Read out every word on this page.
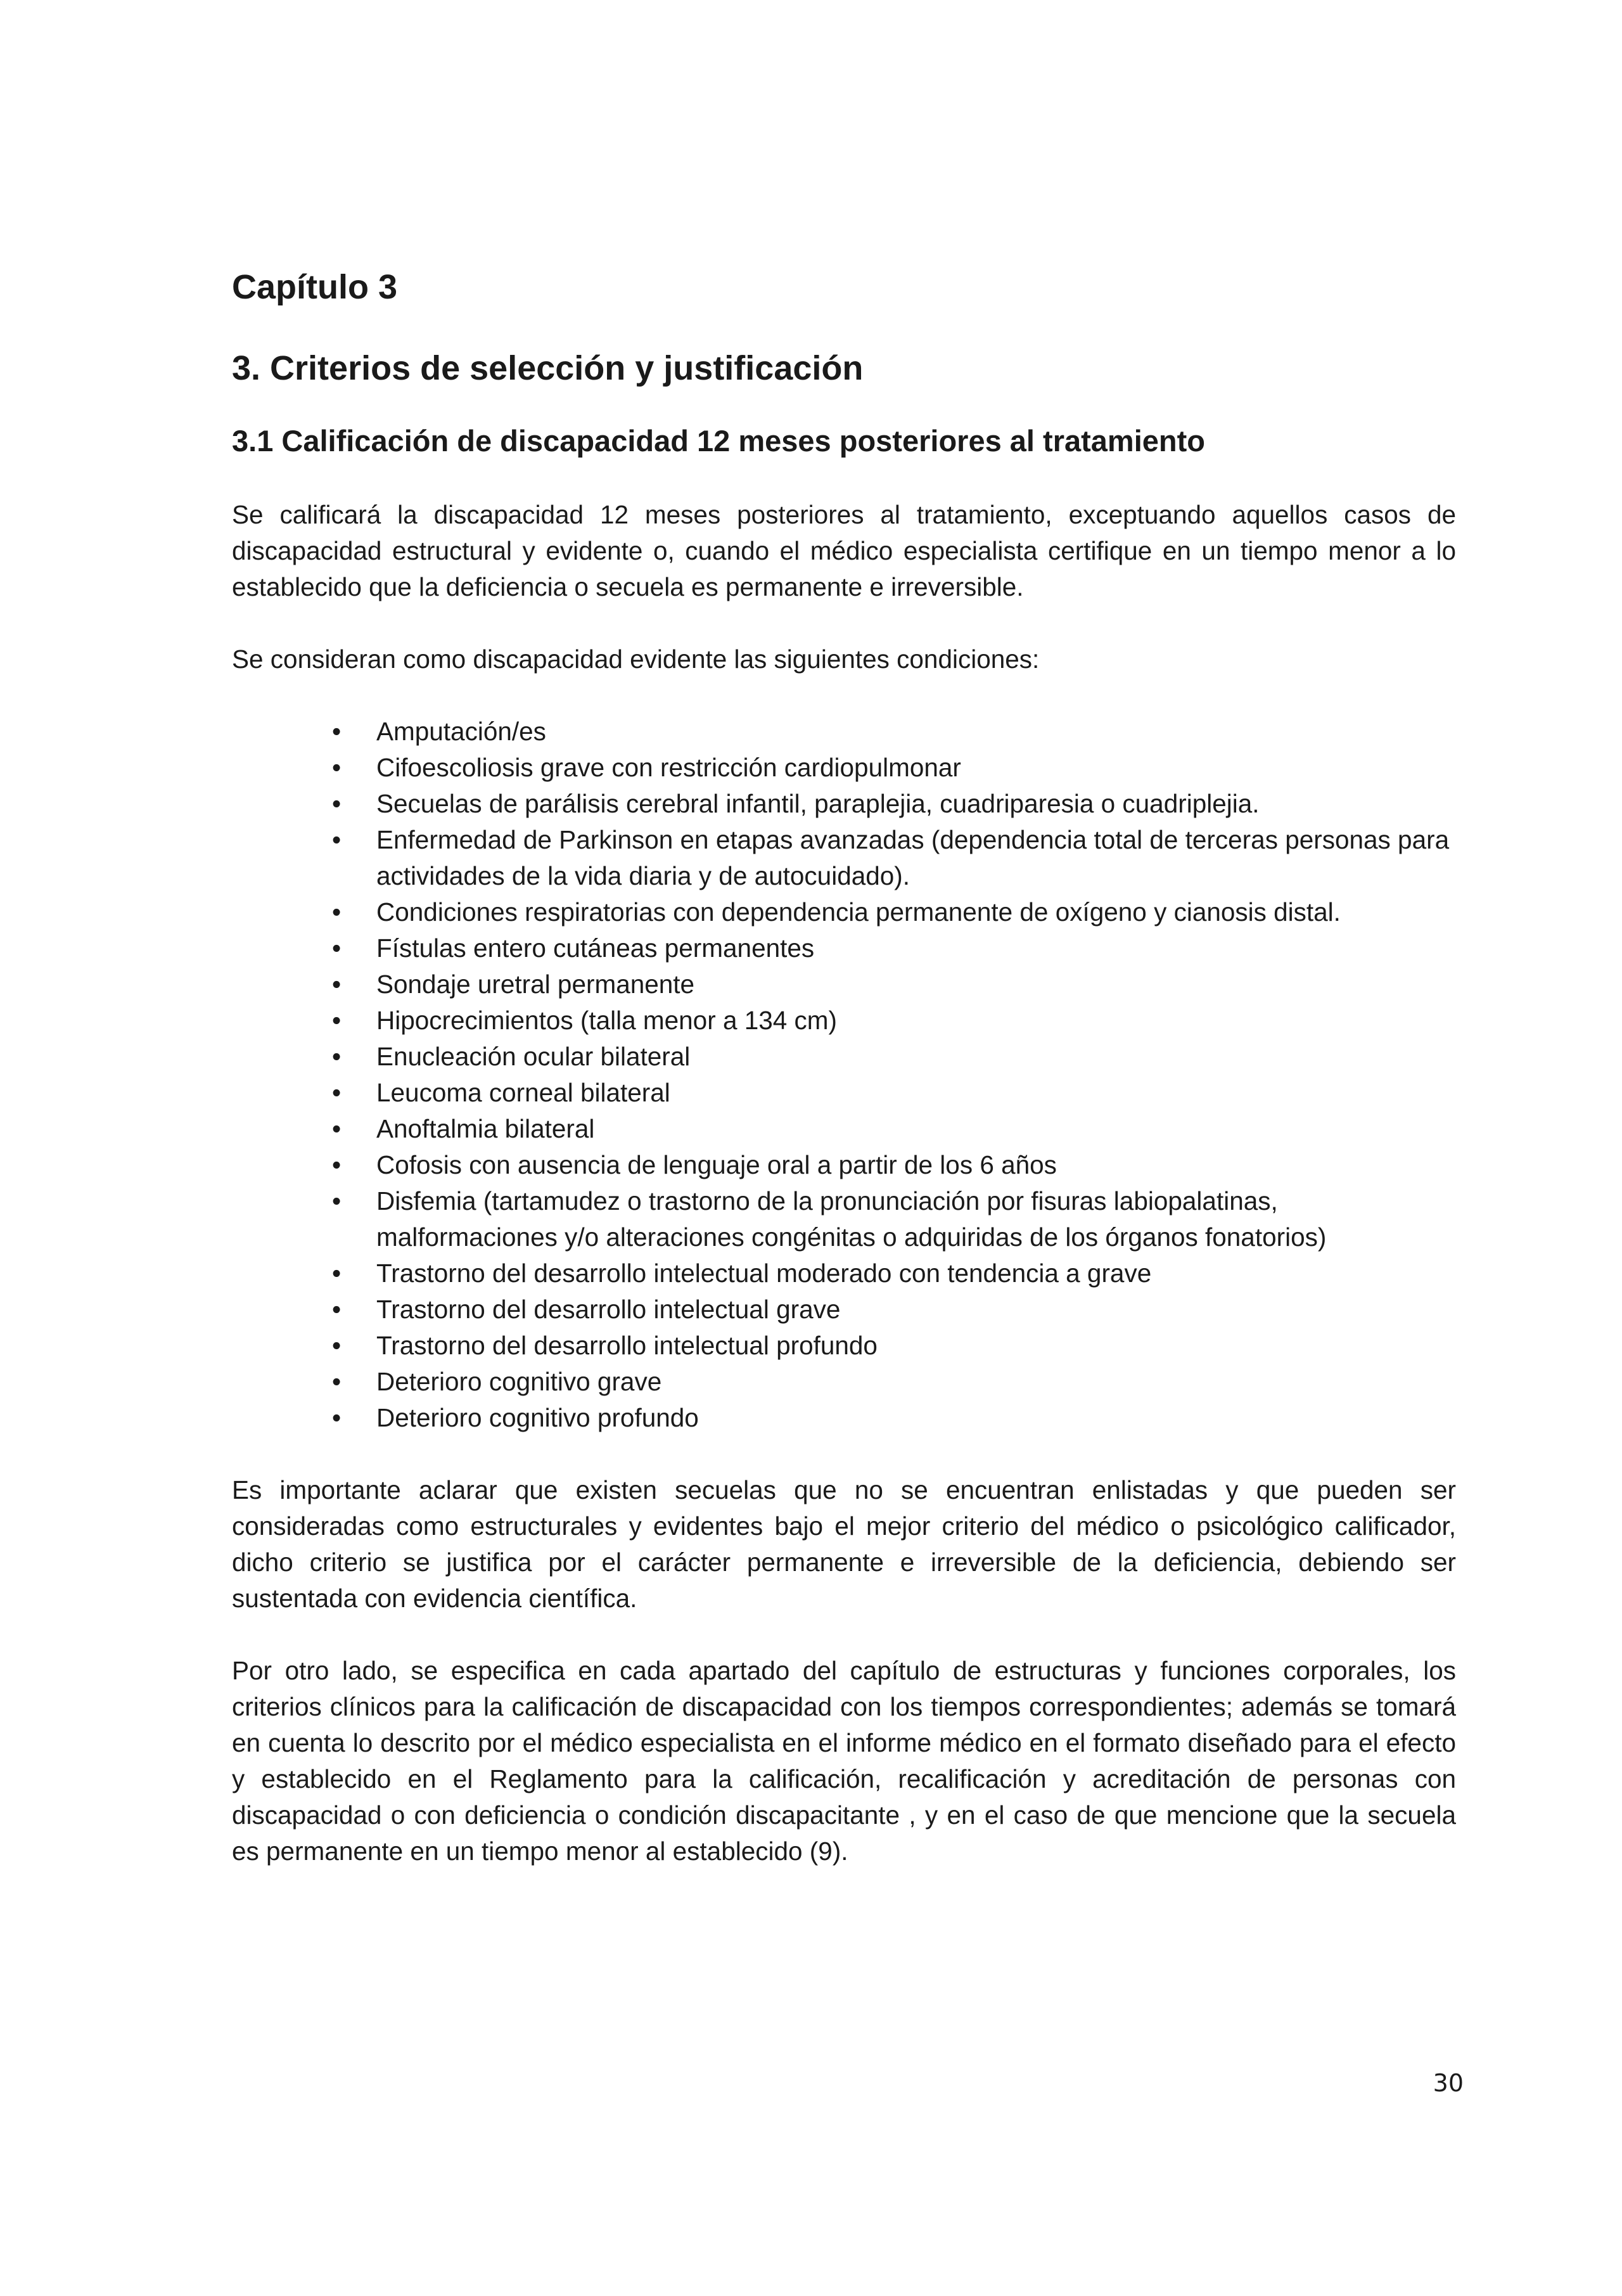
Capítulo 3
3. Criterios de selección y justificación
3.1 Calificación de discapacidad 12 meses posteriores al tratamiento

Se calificará la discapacidad 12 meses posteriores al tratamiento, exceptuando aquellos casos de discapacidad estructural y evidente o, cuando el médico especialista certifique en un tiempo menor a lo establecido que la deficiencia o secuela es permanente e irreversible.

Se consideran como discapacidad evidente las siguientes condiciones:

• Amputación/es
• Cifoescoliosis grave con restricción cardiopulmonar
• Secuelas de parálisis cerebral infantil, paraplejia, cuadriparesia o cuadriplejia.
• Enfermedad de Parkinson en etapas avanzadas (dependencia total de terceras personas para actividades de la vida diaria y de autocuidado).
• Condiciones respiratorias con dependencia permanente de oxígeno y cianosis distal.
• Fístulas entero cutáneas permanentes
• Sondaje uretral permanente
• Hipocrecimientos (talla menor a 134 cm)
• Enucleación ocular bilateral
• Leucoma corneal bilateral
• Anoftalmia bilateral
• Cofosis con ausencia de lenguaje oral a partir de los 6 años
• Disfemia (tartamudez o trastorno de la pronunciación por fisuras labiopalatinas, malformaciones y/o alteraciones congénitas o adquiridas de los órganos fonatorios)
• Trastorno del desarrollo intelectual moderado con tendencia a grave
• Trastorno del desarrollo intelectual grave
• Trastorno del desarrollo intelectual profundo
• Deterioro cognitivo grave
• Deterioro cognitivo profundo

Es importante aclarar que existen secuelas que no se encuentran enlistadas y que pueden ser consideradas como estructurales y evidentes bajo el mejor criterio del médico o psicológico calificador, dicho criterio se justifica por el carácter permanente e irreversible de la deficiencia, debiendo ser sustentada con evidencia científica.

Por otro lado, se especifica en cada apartado del capítulo de estructuras y funciones corporales, los criterios clínicos para la calificación de discapacidad con los tiempos correspondientes; además se tomará en cuenta lo descrito por el médico especialista en el informe médico en el formato diseñado para el efecto y establecido en el Reglamento para la calificación, recalificación y acreditación de personas con discapacidad o con deficiencia o condición discapacitante , y en el caso de que mencione que la secuela es permanente en un tiempo menor al establecido (9).

30
